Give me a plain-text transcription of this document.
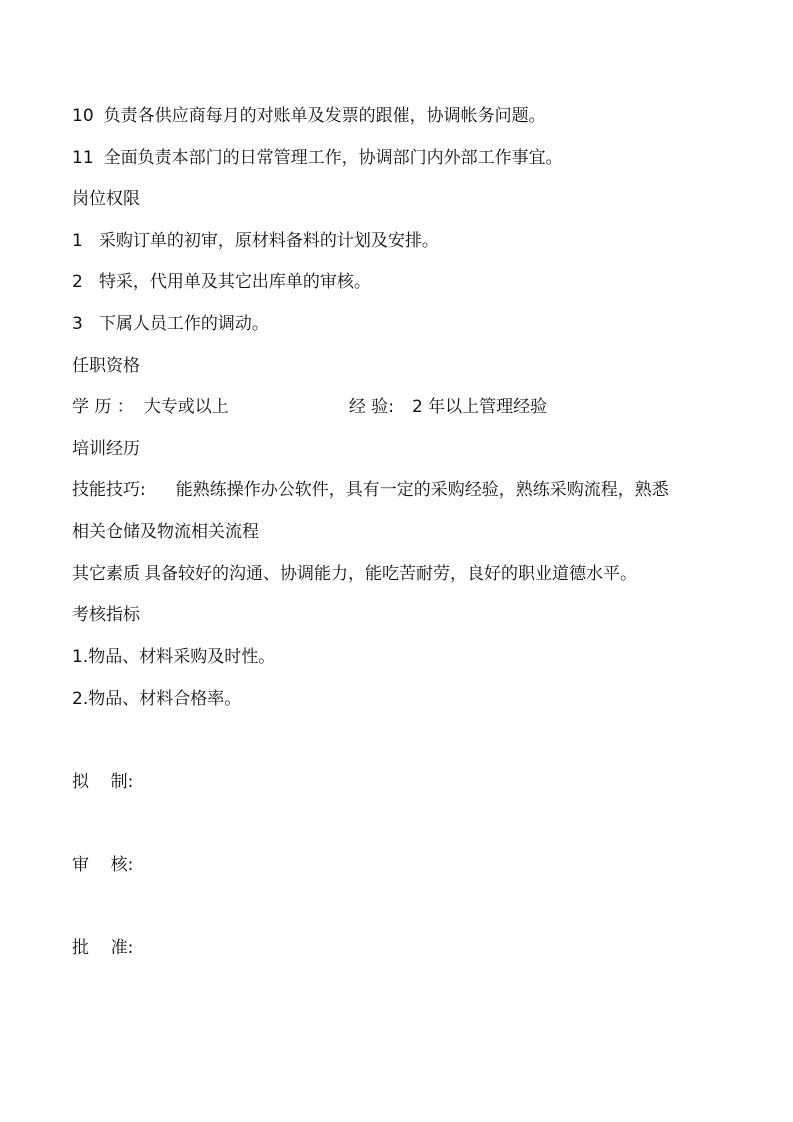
10 负责各供应商每月的对账单及发票的跟催，协调帐务问题。
11 全面负责本部门的日常管理工作，协调部门内外部工作事宜。
岗位权限
1 采购订单的初审，原材料备料的计划及安排。
2 特采，代用单及其它出库单的审核。
3 下属人员工作的调动。
任职资格
学 历 ： 大专或以上	经 验: 2 年以上管理经验
培训经历
技能技巧: 能熟练操作办公软件，具有一定的采购经验，熟练采购流程，熟悉
相关仓储及物流相关流程
其它素质 具备较好的沟通、协调能力，能吃苦耐劳，良好的职业道德水平。
考核指标
1.物品、材料采购及时性。
2.物品、材料合格率。
拟    制:
审    核:
批    准:
